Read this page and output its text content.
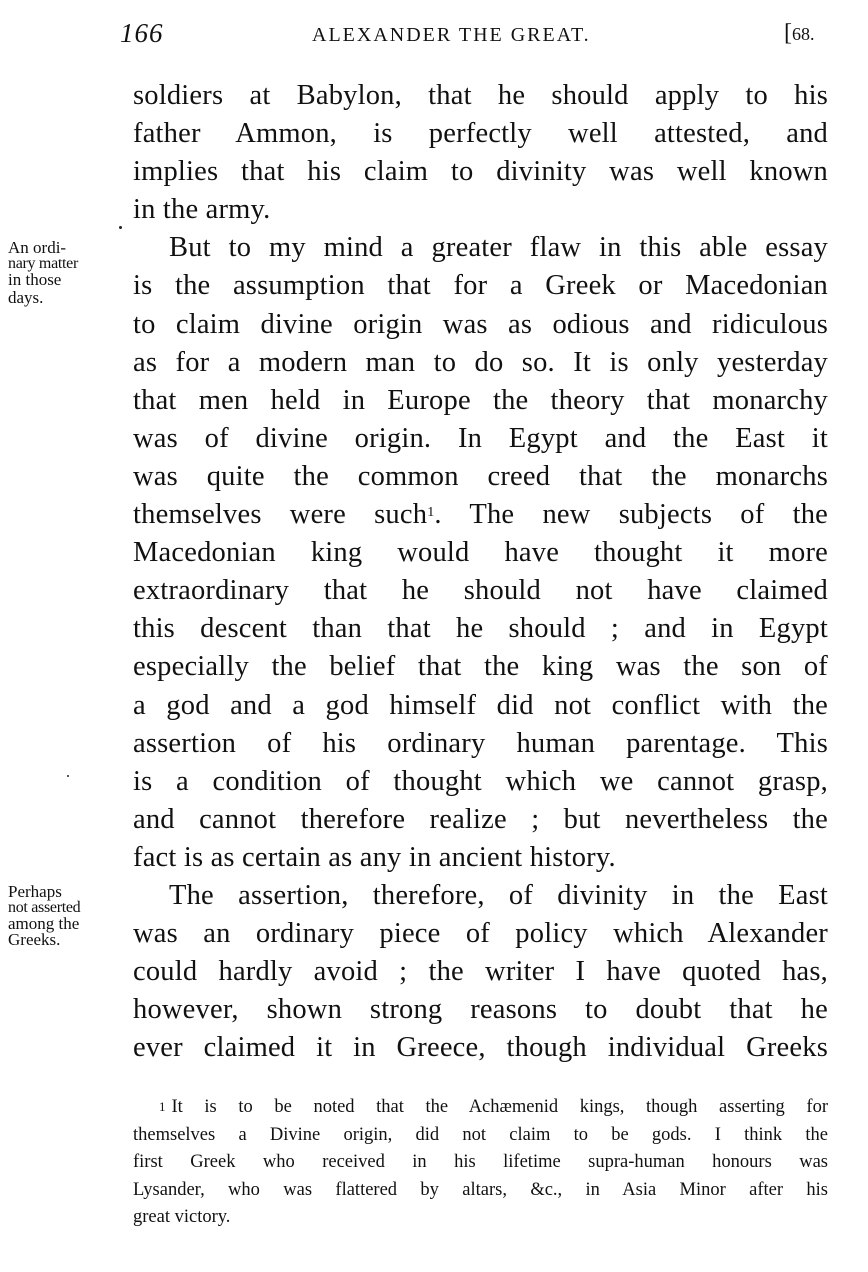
166	ALEXANDER THE GREAT.	[68.
soldiers at Babylon, that he should apply to his
father Ammon, is perfectly well attested, and
implies that his claim to divinity was well known
in the army.
But to my mind a greater flaw in this able essay
is the assumption that for a Greek or Macedonian
to claim divine origin was as odious and ridiculous
as for a modern man to do so. It is only yesterday
that men held in Europe the theory that monarchy
was of divine origin. In Egypt and the East it
was quite the common creed that the monarchs
themselves were such$^1$. The new subjects of the
Macedonian king would have thought it more
extraordinary that he should not have claimed
this descent than that he should ; and in Egypt
especially the belief that the king was the son of
a god and a god himself did not conflict with the
assertion of his ordinary human parentage. This
is a condition of thought which we cannot grasp,
and cannot therefore realize ; but nevertheless the
fact is as certain as any in ancient history.
The assertion, therefore, of divinity in the East
was an ordinary piece of policy which Alexander
could hardly avoid ; the writer I have quoted has,
however, shown strong reasons to doubt that he
ever claimed it in Greece, though individual Greeks
An ordi-
nary matter
in those
days.
Perhaps
not asserted
among the
Greeks.
$^1$ It is to be noted that the Achæmenid kings, though asserting for
themselves a Divine origin, did not claim to be gods. I think the
first Greek who received in his lifetime supra-human honours was
Lysander, who was flattered by altars, &c., in Asia Minor after his
great victory.
